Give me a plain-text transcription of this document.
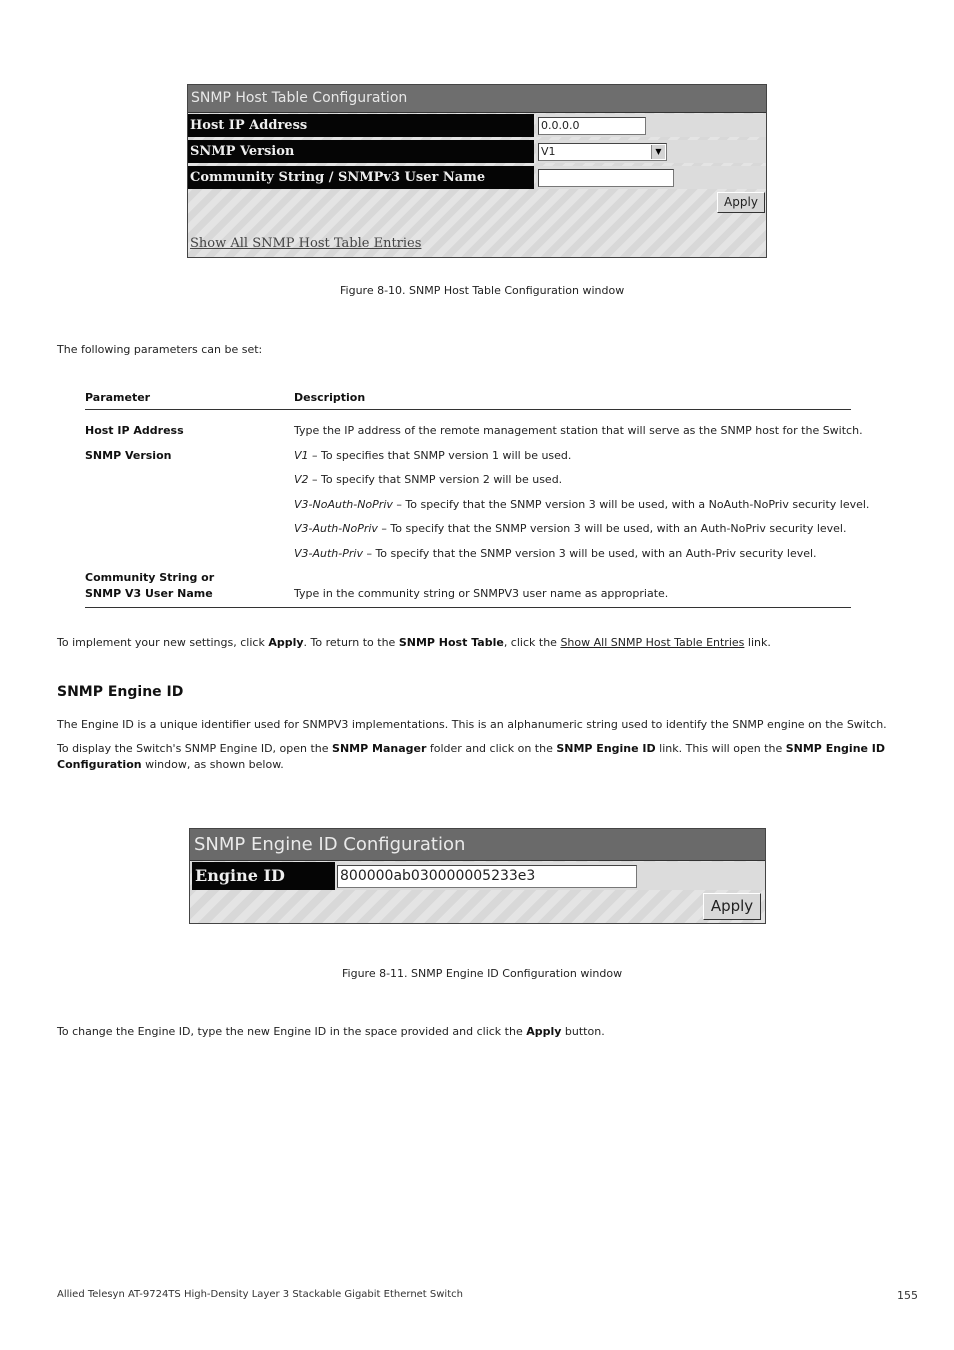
SNMP Host Table Configuration
Host IP Address	0.0.0.0
SNMP Version	V1	▼
Community String / SNMPv3 User Name
Apply
Show All SNMP Host Table Entries
Figure 8-10. SNMP Host Table Configuration window
The following parameters can be set:
Parameter	Description
Host IP Address	Type the IP address of the remote management station that will serve as the SNMP host for the Switch.
SNMP Version	V1 – To specifies that SNMP version 1 will be used.
V2 – To specify that SNMP version 2 will be used.
V3-NoAuth-NoPriv – To specify that the SNMP version 3 will be used, with a NoAuth-NoPriv security level.
V3-Auth-NoPriv – To specify that the SNMP version 3 will be used, with an Auth-NoPriv security level.
V3-Auth-Priv – To specify that the SNMP version 3 will be used, with an Auth-Priv security level.
Community String or
SNMP V3 User Name	Type in the community string or SNMPV3 user name as appropriate.
To implement your new settings, click Apply. To return to the SNMP Host Table, click the Show All SNMP Host Table Entries link.
SNMP Engine ID
The Engine ID is a unique identifier used for SNMPV3 implementations. This is an alphanumeric string used to identify the SNMP engine on the Switch.
To display the Switch's SNMP Engine ID, open the SNMP Manager folder and click on the SNMP Engine ID link. This will open the SNMP Engine ID Configuration window, as shown below.
SNMP Engine ID Configuration
Engine ID	800000ab030000005233e3
Apply
Figure 8-11. SNMP Engine ID Configuration window
To change the Engine ID, type the new Engine ID in the space provided and click the Apply button.
Allied Telesyn AT-9724TS High-Density Layer 3 Stackable Gigabit Ethernet Switch	155
